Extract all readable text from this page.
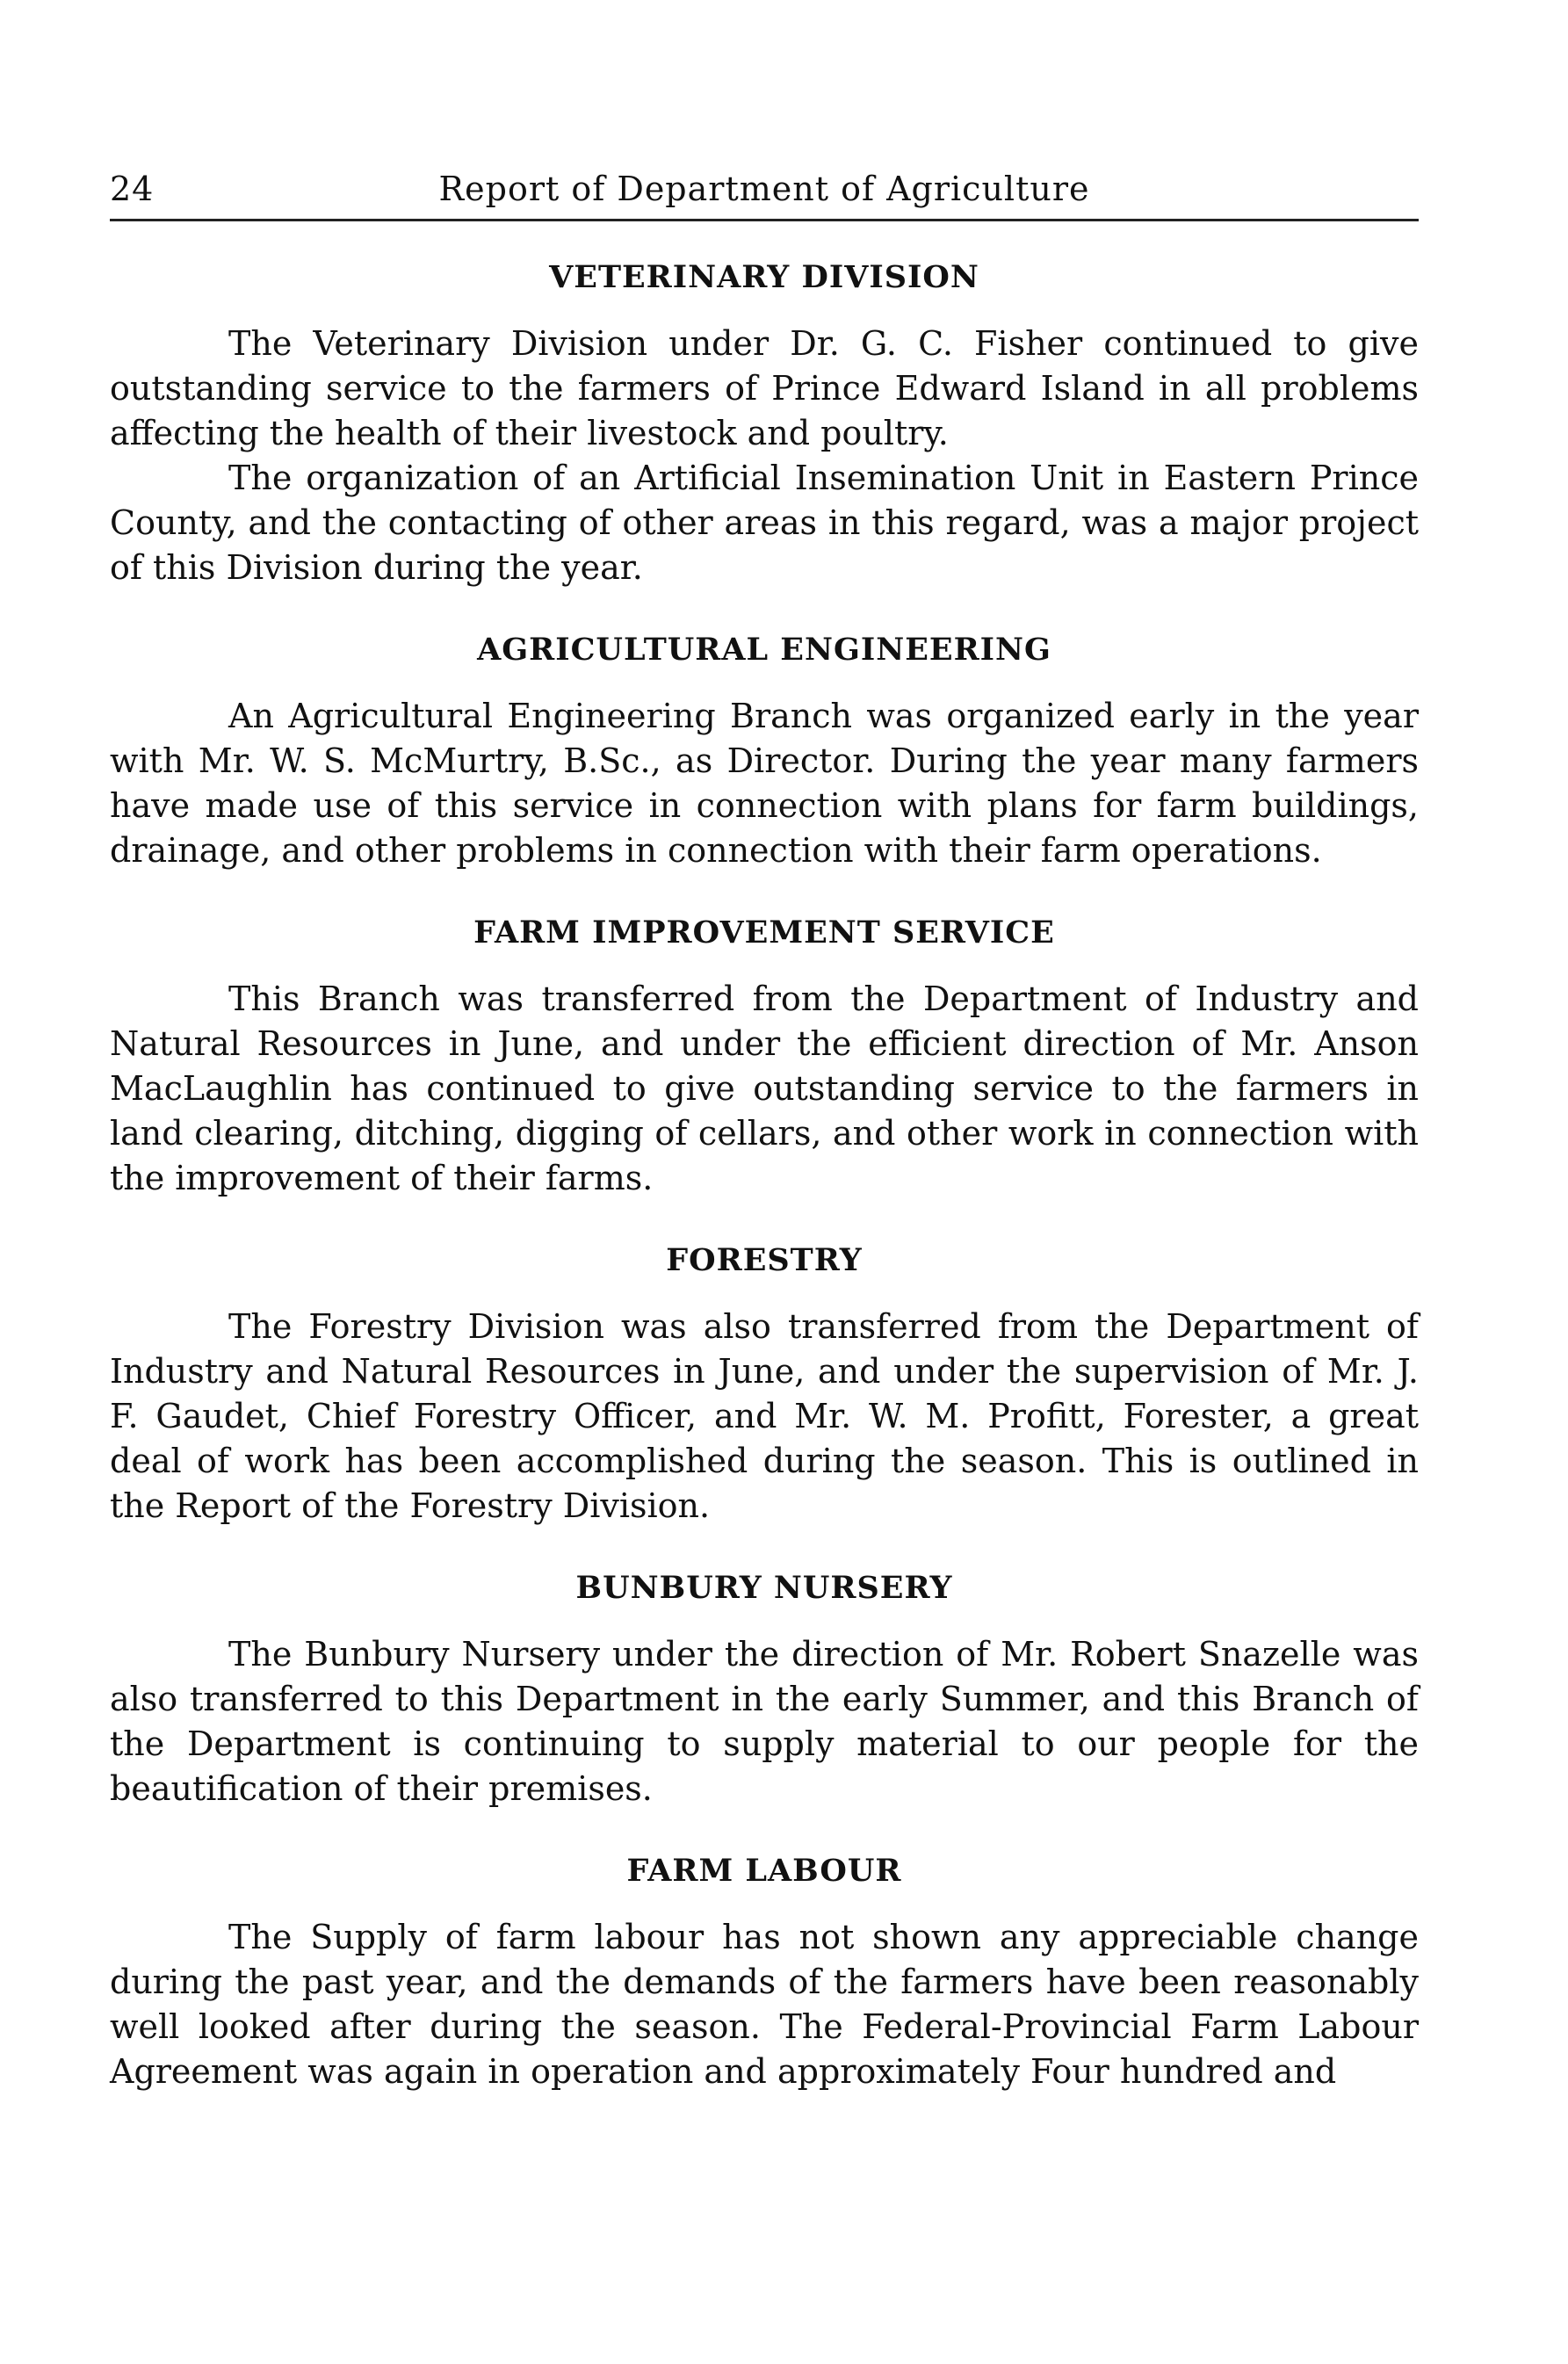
24	Report of Department of Agriculture
VETERINARY DIVISION

The Veterinary Division under Dr. G. C. Fisher continued to give outstanding service to the farmers of Prince Edward Island in all problems affecting the health of their livestock and poultry.

The organization of an Artificial Insemination Unit in Eastern Prince County, and the contacting of other areas in this regard, was a major project of this Division during the year.

AGRICULTURAL ENGINEERING

An Agricultural Engineering Branch was organized early in the year with Mr. W. S. McMurtry, B.Sc., as Director. During the year many farmers have made use of this service in connection with plans for farm buildings, drainage, and other problems in connection with their farm operations.

FARM IMPROVEMENT SERVICE

This Branch was transferred from the Department of Industry and Natural Resources in June, and under the efficient direction of Mr. Anson MacLaughlin has continued to give outstanding service to the farmers in land clearing, ditching, digging of cellars, and other work in connection with the improvement of their farms.

FORESTRY

The Forestry Division was also transferred from the Department of Industry and Natural Resources in June, and under the supervision of Mr. J. F. Gaudet, Chief Forestry Officer, and Mr. W. M. Profitt, Forester, a great deal of work has been accomplished during the season. This is outlined in the Report of the Forestry Division.

BUNBURY NURSERY

The Bunbury Nursery under the direction of Mr. Robert Snazelle was also transferred to this Department in the early Summer, and this Branch of the Department is continuing to supply material to our people for the beautification of their premises.

FARM LABOUR

The Supply of farm labour has not shown any appreciable change during the past year, and the demands of the farmers have been reasonably well looked after during the season. The Federal-Provincial Farm Labour Agreement was again in operation and approximately Four hundred and
